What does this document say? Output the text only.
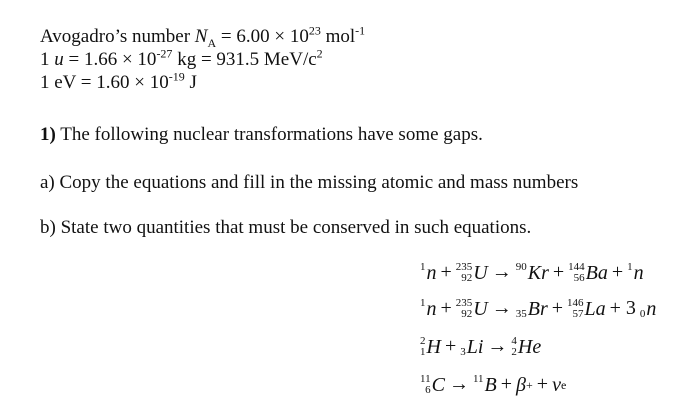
Avogadro’s number $N_A = 6.00 \times 10^{23}$ mol$^{-1}$
1 $u = 1.66 \times 10^{-27}$ kg = 931.5 MeV/$c^2$
1 eV = $1.60 \times 10^{-19}$ J
1) The following nuclear transformations have some gaps.
a) Copy the equations and fill in the missing atomic and mass numbers
b) State two quantities that must be conserved in such equations.
1 n + 235
92 U → 90 Kr + 144
56 Ba + 1 n
1 n + 235
92 U → 35 Br + 146
57 La + 3 0 n
2
1 H + 3 Li → 4
2 He
11
6 C → 11 B + β + + v e
